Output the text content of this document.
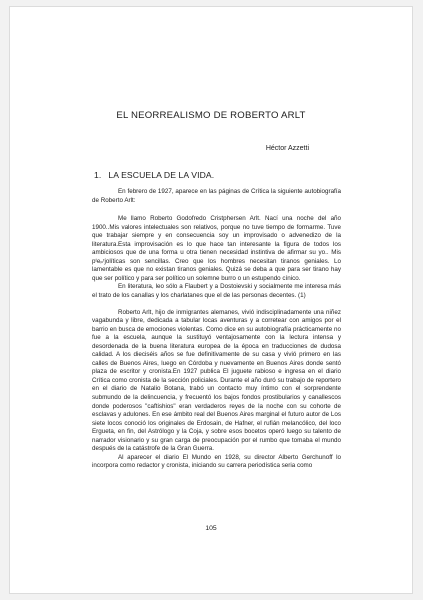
EL NEORREALISMO DE ROBERTO ARLT
Héctor Azzetti
1. LA ESCUELA DE LA VIDA.

En febrero de 1927, aparece en las páginas de Crítica la siguiente autobiografía de Roberto Arlt:

Me llamo Roberto Godofredo Cristphersen Arlt. Nací una noche del año 1900..Mis valores intelectuales son relativos, porque no tuve tiempo de formarme. Tuve que trabajar siempre y en consecuencia soy un improvisado o advenedizo de la literatura.Esta improvisación es lo que hace tan interesante la figura de todos los ambiciosos que de una forma u otra tienen necesidad instintiva de afirmar su yo.. Mis pᵗeₚʳjolíticas son sencillas. Creo que los hombres necesitan tiranos geniales. Lo lamentable es que no existan tiranos geniales. Quizá se deba a que para ser tirano hay que ser político y para ser político un solemne burro o un estupendo cínico.

En literatura, leo sólo a Flaubert y a Dostoievski y socialmente me interesa más el trato de los canallas y los charlatanes que el de las personas decentes. (1)

Roberto Arlt, hijo de inmigrantes alemanes, vivió indisciplinadamente una niñez vagabunda y libre, dedicada a tabular locas aventuras y a corretear con amigos por el barrio en busca de emociones violentas. Como dice en su autobiografía prácticamente no fue a la escuela, aunque la sustituyó ventajosamente con la lectura intensa y desordenada de la buena literatura europea de la época en traducciones de dudosa calidad. A los dieciséis años se fue definitivamente de su casa y vivió primero en las calles de Buenos Aires, luego en Córdoba y nuevamente en Buenos Aires donde sentó plaza de escritor y cronista.En 1927 publica El juguete rabioso e ingresa en el diario Crítica como cronista de la sección policiales. Durante el año duró su trabajo de reportero en el diario de Natalio Botana, trabó un contacto muy íntimo con el sorprendente submundo de la delincuencia, y frecuentó los bajos fondos prostibularios y canallescos donde poderosos "caftishios" eran verdaderos reyes de la noche con su cohorte de esclavas y adulones. En ese ámbito real del Buenos Aires marginal el futuro autor de Los siete locos conoció los originales de Erdosain, de Hafner, el rufián melancólico, del loco Ergueta, en fin, del Astrólogo y la Coja, y sobre esos bocetos operó luego su talento de narrador visionario y su gran carga de preocupación por el rumbo que tomaba el mundo después de la catástrofe de la Gran Guerra.

Al aparecer el diario El Mundo en 1928, su director Alberto Gerchunoff lo incorpora como redactor y cronista, iniciando su carrera periodística seria como

105
